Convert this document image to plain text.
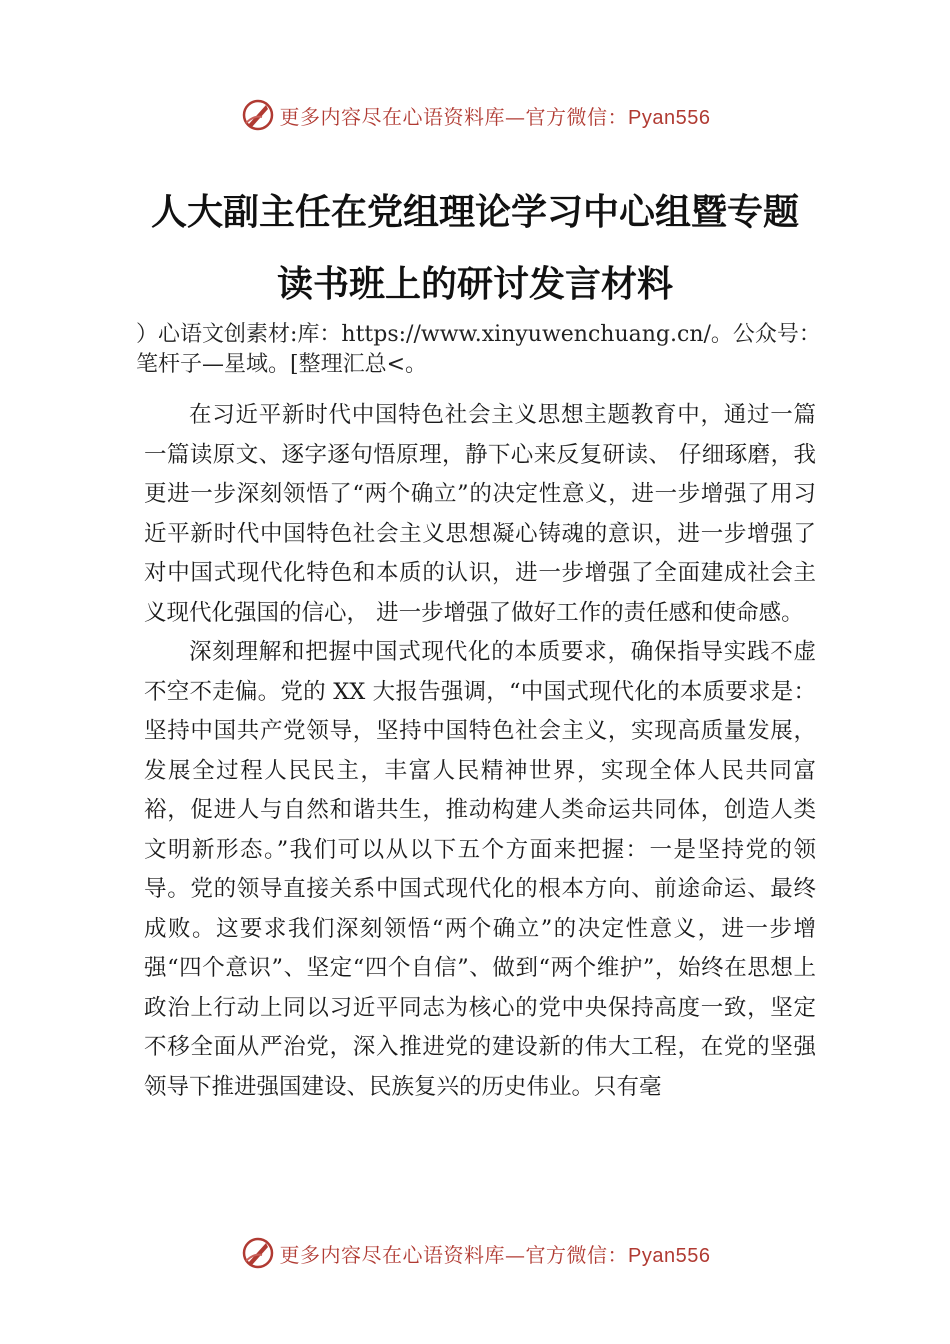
更多内容尽在心语资料库—官方微信：Pyan556
人大副主任在党组理论学习中心组暨专题
读书班上的研讨发言材料

）心语文创素材:库：https://www.xinyuwenchuang.cn/。公众号：笔杆子—星域。[整理汇总<。

在习近平新时代中国特色社会主义思想主题教育中，通过一篇一篇读原文、逐字逐句悟原理，静下心来反复研读、 仔细琢磨，我更进一步深刻领悟了“两个确立”的决定性意义，进一步增强了用习近平新时代中国特色社会主义思想凝心铸魂的意识，进一步增强了对中国式现代化特色和本质的认识，进一步增强了全面建成社会主义现代化强国的信心， 进一步增强了做好工作的责任感和使命感。

深刻理解和把握中国式现代化的本质要求，确保指导实践不虚不空不走偏。党的 XX 大报告强调，“中国式现代化的本质要求是：坚持中国共产党领导，坚持中国特色社会主义，实现高质量发展，发展全过程人民民主，丰富人民精神世界，实现全体人民共同富裕，促进人与自然和谐共生，推动构建人类命运共同体，创造人类文明新形态。”我们可以从以下五个方面来把握：一是坚持党的领导。党的领导直接关系中国式现代化的根本方向、前途命运、最终成败。这要求我们深刻领悟“两个确立”的决定性意义，进一步增强“四个意识”、坚定“四个自信”、做到“两个维护”，始终在思想上政治上行动上同以习近平同志为核心的党中央保持高度一致，坚定不移全面从严治党，深入推进党的建设新的伟大工程，在党的坚强领导下推进强国建设、民族复兴的历史伟业。只有毫

更多内容尽在心语资料库—官方微信：Pyan556
